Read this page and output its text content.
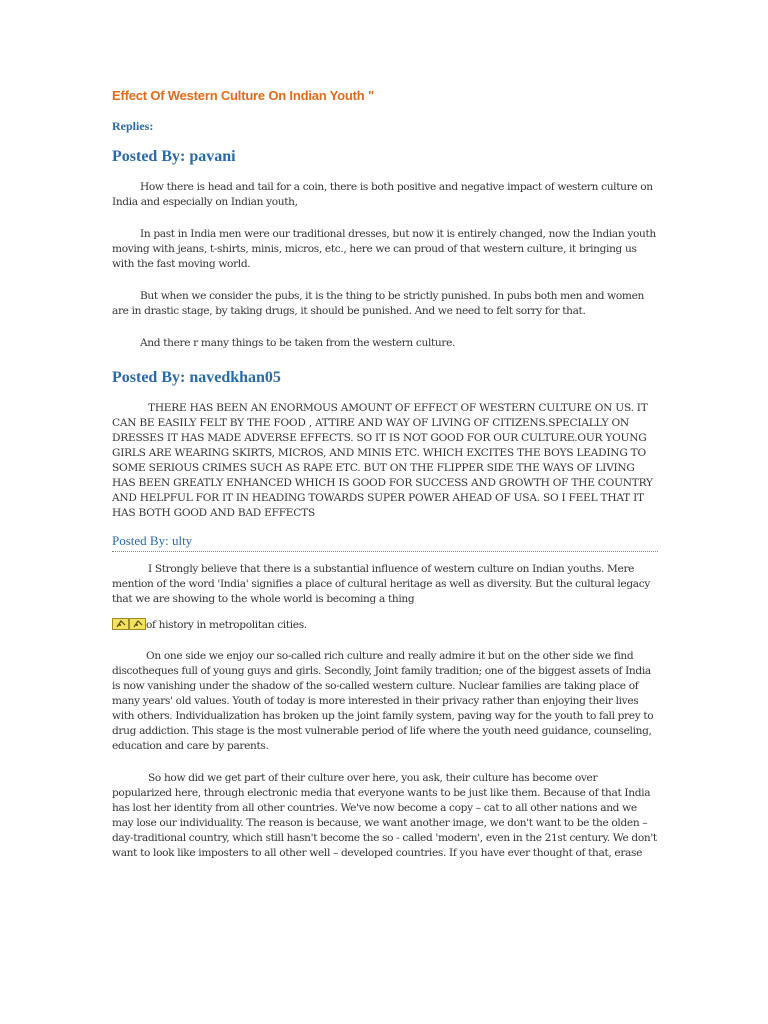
Effect Of Western Culture On Indian Youth "
Replies:
Posted By: pavani

How there is head and tail for a coin, there is both positive and negative impact of western culture on India and especially on Indian youth,

In past in India men were our traditional dresses, but now it is entirely changed, now the Indian youth moving with jeans, t-shirts, minis, micros, etc., here we can proud of that western culture, it bringing us with the fast moving world.

But when we consider the pubs, it is the thing to be strictly punished. In pubs both men and women are in drastic stage, by taking drugs, it should be punished. And we need to felt sorry for that.

And there r many things to be taken from the western culture.

Posted By: navedkhan05

THERE HAS BEEN AN ENORMOUS AMOUNT OF EFFECT OF WESTERN CULTURE ON US. IT CAN BE EASILY FELT BY THE FOOD , ATTIRE AND WAY OF LIVING OF CITIZENS.SPECIALLY ON DRESSES IT HAS MADE ADVERSE EFFECTS. SO IT IS NOT GOOD FOR OUR CULTURE.OUR YOUNG GIRLS ARE WEARING SKIRTS, MICROS, AND MINIS ETC. WHICH EXCITES THE BOYS LEADING TO SOME SERIOUS CRIMES SUCH AS RAPE ETC. BUT ON THE FLIPPER SIDE THE WAYS OF LIVING HAS BEEN GREATLY ENHANCED WHICH IS GOOD FOR SUCCESS AND GROWTH OF THE COUNTRY AND HELPFUL FOR IT IN HEADING TOWARDS SUPER POWER AHEAD OF USA. SO I FEEL THAT IT HAS BOTH GOOD AND BAD EFFECTS

Posted By: ulty

I Strongly believe that there is a substantial influence of western culture on Indian youths. Mere mention of the word 'India' signifies a place of cultural heritage as well as diversity. But the cultural legacy that we are showing to the whole world is becoming a thing

of history in metropolitan cities.

On one side we enjoy our so-called rich culture and really admire it but on the other side we find discotheques full of young guys and girls. Secondly, Joint family tradition; one of the biggest assets of India is now vanishing under the shadow of the so-called western culture. Nuclear families are taking place of many years' old values. Youth of today is more interested in their privacy rather than enjoying their lives with others. Individualization has broken up the joint family system, paving way for the youth to fall prey to drug addiction. This stage is the most vulnerable period of life where the youth need guidance, counseling, education and care by parents.

So how did we get part of their culture over here, you ask, their culture has become over popularized here, through electronic media that everyone wants to be just like them. Because of that India has lost her identity from all other countries. We've now become a copy – cat to all other nations and we may lose our individuality. The reason is because, we want another image, we don't want to be the olden – day-traditional country, which still hasn't become the so - called 'modern', even in the 21st century. We don't want to look like imposters to all other well – developed countries. If you have ever thought of that, erase
